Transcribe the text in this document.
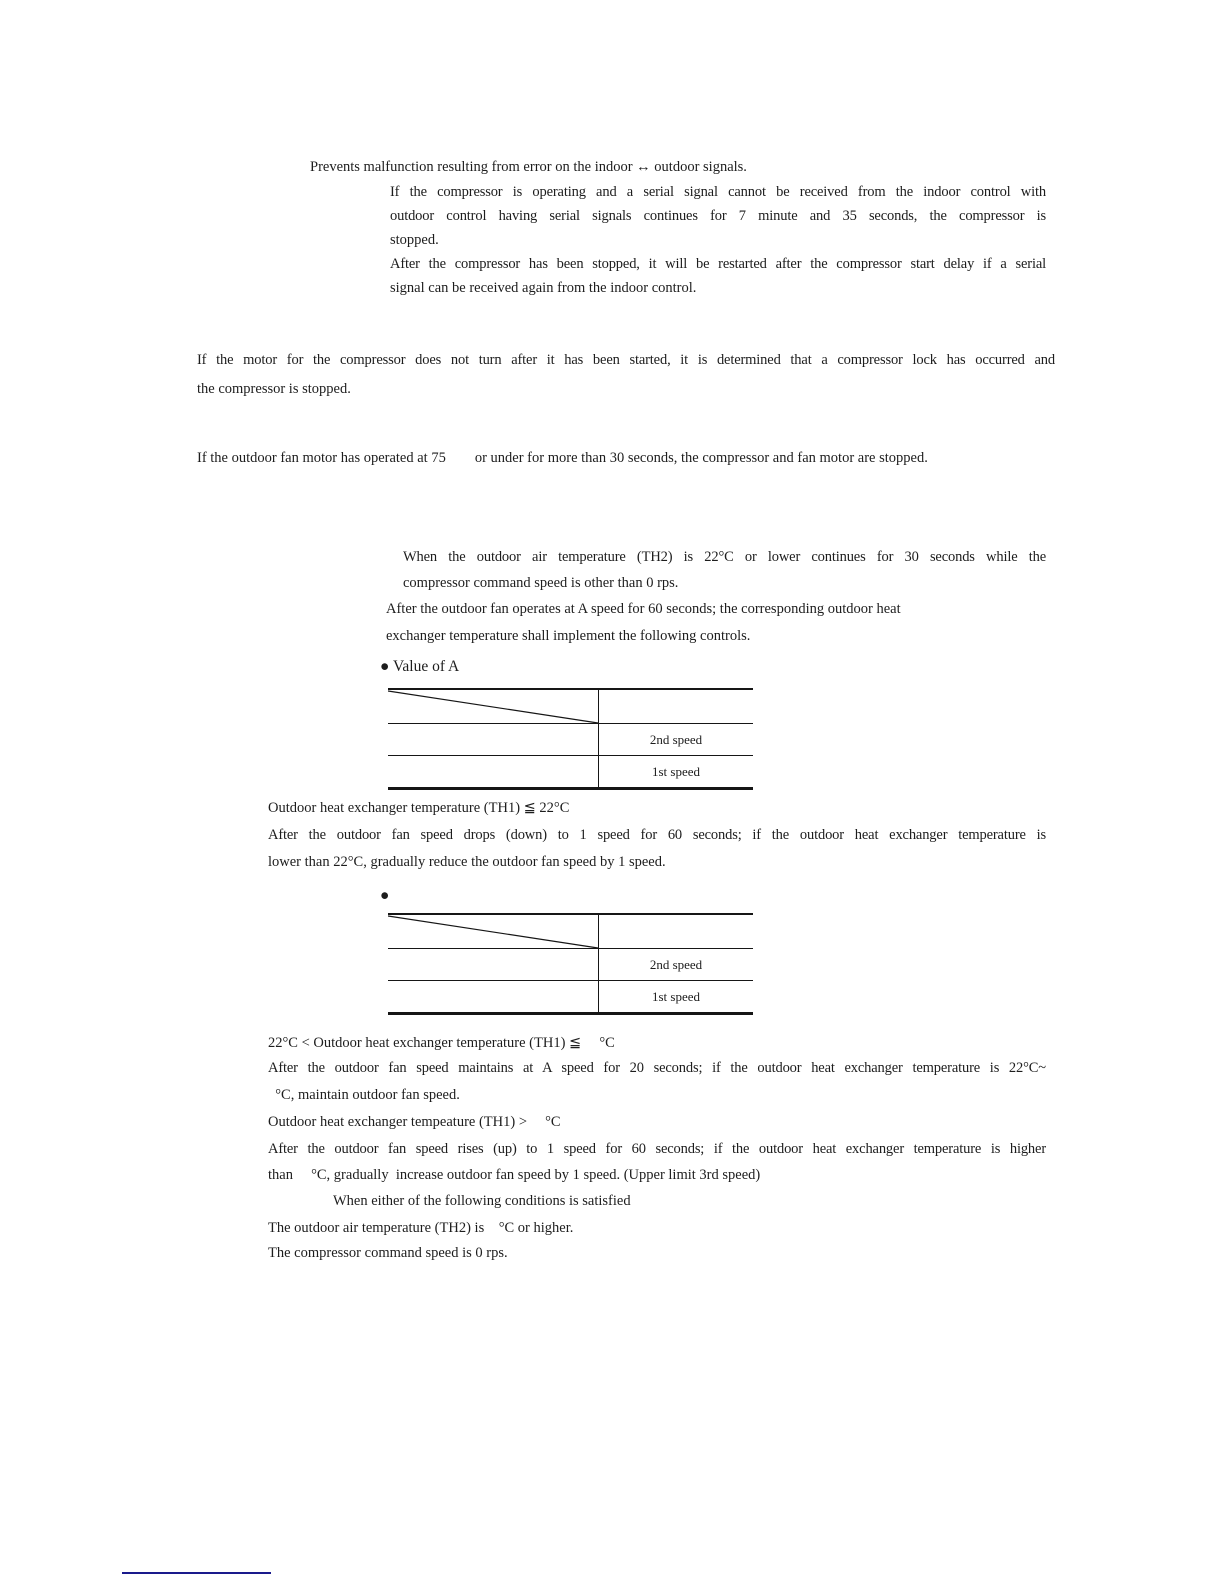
Prevents malfunction resulting from error on the indoor ↔ outdoor signals.
If the compressor is operating and a serial signal cannot be received from the indoor control with
outdoor control having serial signals continues for 7 minute and 35 seconds, the compressor is
stopped.
After the compressor has been stopped, it will be restarted after the compressor start delay if a serial
signal can be received again from the indoor control.
If the motor for the compressor does not turn after it has been started, it is determined that a compressor lock has occurred and
the compressor is stopped.
If the outdoor fan motor has operated at 75        or under for more than 30 seconds, the compressor and fan motor are stopped.
When the outdoor air temperature (TH2) is 22°C or lower continues for 30 seconds while the
compressor command speed is other than 0 rps.
After the outdoor fan operates at A speed for 60 seconds; the corresponding outdoor heat
exchanger temperature shall implement the following controls.
● Value of A
2nd speed
1st speed
Outdoor heat exchanger temperature (TH1) ≦ 22°C
After the outdoor fan speed drops (down) to 1 speed for 60 seconds; if the outdoor heat exchanger temperature is
lower than 22°C, gradually reduce the outdoor fan speed by 1 speed.
●
2nd speed
1st speed
22°C < Outdoor heat exchanger temperature (TH1) ≦     °C
After the outdoor fan speed maintains at A speed for 20 seconds; if the outdoor heat exchanger temperature is 22°C~
°C, maintain outdoor fan speed.
Outdoor heat exchanger tempeature (TH1) >     °C
After the outdoor fan speed rises (up) to 1 speed for 60 seconds; if the outdoor heat exchanger temperature is higher
than     °C, gradually  increase outdoor fan speed by 1 speed. (Upper limit 3rd speed)
When either of the following conditions is satisfied
The outdoor air temperature (TH2) is    °C or higher.
The compressor command speed is 0 rps.
